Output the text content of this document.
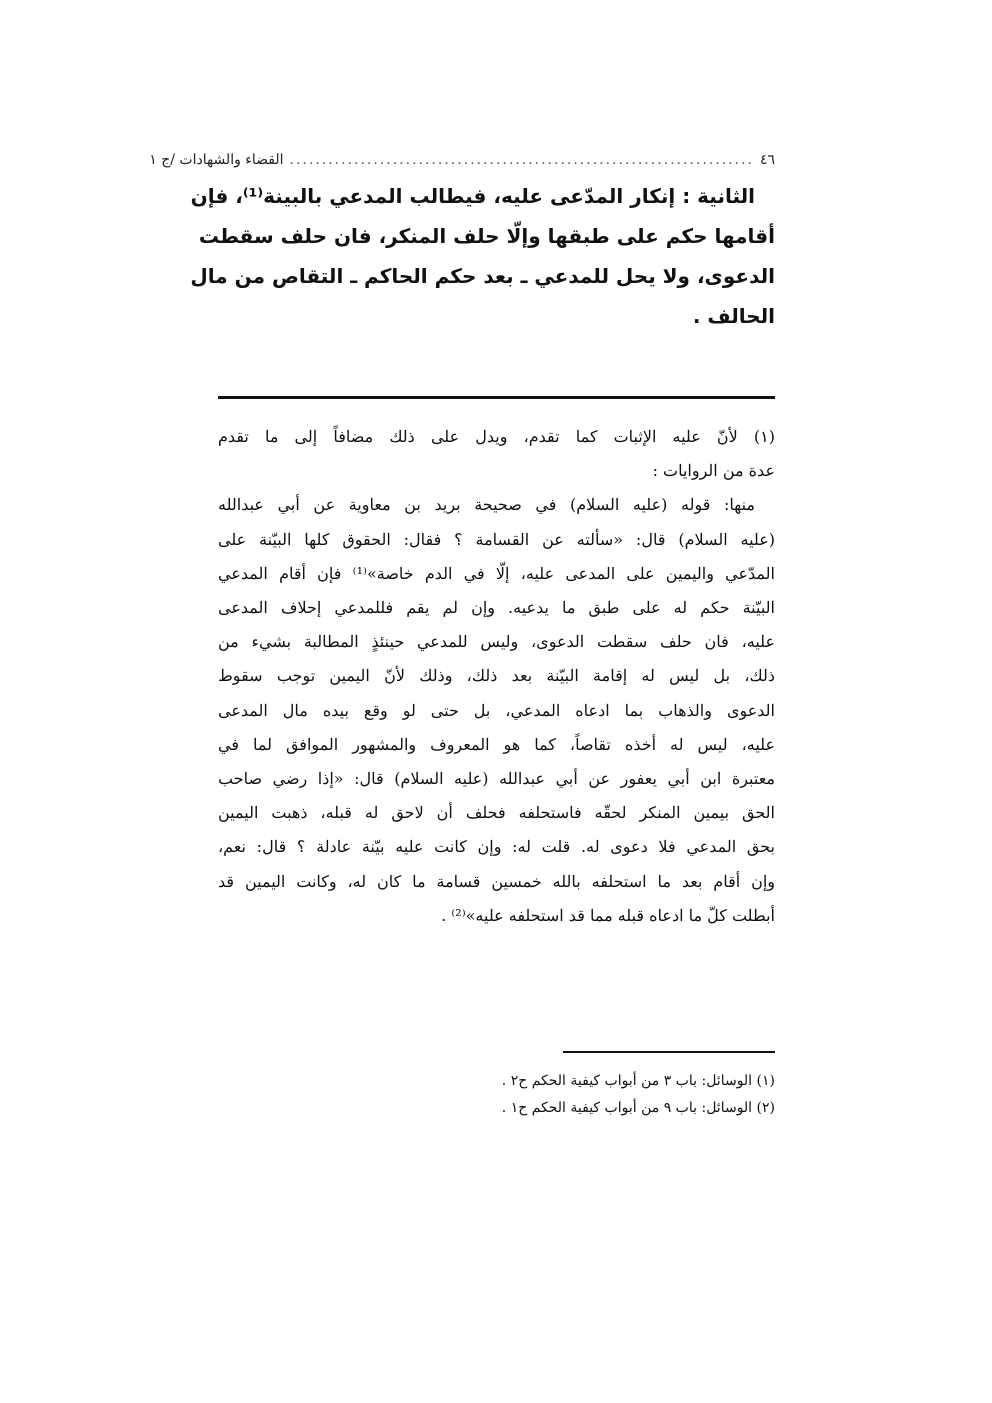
٤٦
........................................................................
القضاء والشهادات /ج ١
الثانية : إنكار المدّعى عليه، فيطالب المدعي بالبينة⁽¹⁾، فإن
أقامها حكم على طبقها وإلّا حلف المنكر، فان حلف سقطت
الدعوى، ولا يحل للمدعي ـ بعد حكم الحاكم ـ التقاص من مال
الحالف .
(١) لأنّ عليه الإثبات كما تقدم، ويدل على ذلك مضافاً إلى ما تقدم
عدة من الروايات :
منها: قوله (عليه السلام) في صحيحة بريد بن معاوية عن أبي عبدالله
(عليه السلام) قال: «سألته عن القسامة ؟ فقال: الحقوق كلها البيّنة على
المدّعي واليمين على المدعى عليه، إلّا في الدم خاصة»⁽¹⁾ فإن أقام المدعي
البيّنة حكم له على طبق ما يدعيه. وإن لم يقم فللمدعي إحلاف المدعى
عليه، فان حلف سقطت الدعوى، وليس للمدعي حينئذٍ المطالبة بشيء من
ذلك، بل ليس له إقامة البيّنة بعد ذلك، وذلك لأنّ اليمين توجب سقوط
الدعوى والذهاب بما ادعاه المدعي، بل حتى لو وقع بيده مال المدعى
عليه، ليس له أخذه تقاصاً، كما هو المعروف والمشهور الموافق لما في
معتبرة ابن أبي يعفور عن أبي عبدالله (عليه السلام) قال: «إذا رضي صاحب
الحق بيمين المنكر لحقّه فاستحلفه فحلف أن لاحق له قبله، ذهبت اليمين
بحق المدعي فلا دعوى له. قلت له: وإن كانت عليه بيّنة عادلة ؟ قال: نعم،
وإن أقام بعد ما استحلفه بالله خمسين قسامة ما كان له، وكانت اليمين قد
أبطلت كلّ ما ادعاه قبله مما قد استحلفه عليه»⁽²⁾ .
(١) الوسائل: باب ٣ من أبواب كيفية الحكم ح٢ .
(٢) الوسائل: باب ٩ من أبواب كيفية الحكم ح١ .
